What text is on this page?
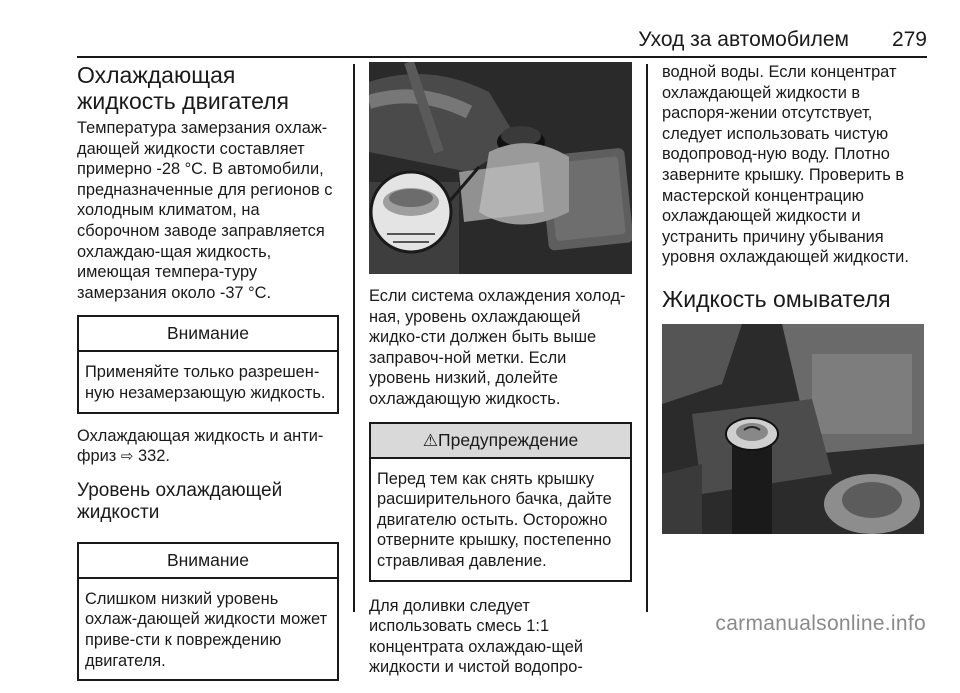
Уход за автомобилем 279
Охлаждающая жидкость двигателя

Температура замерзания охлаж-дающей жидкости составляет примерно -28 °C. В автомобили, предназначенные для регионов с холодным климатом, на сборочном заводе заправляется охлаждаю-щая жидкость, имеющая темпера-туру замерзания около -37 °C.

Внимание
Применяйте только разрешен-ную незамерзающую жидкость.

Охлаждающая жидкость и анти-фриз ⇨ 332.

Уровень охлаждающей жидкости
Внимание
Слишком низкий уровень охлаж-дающей жидкости может приве-сти к повреждению двигателя.

Если система охлаждения холод-ная, уровень охлаждающей жидко-сти должен быть выше заправоч-ной метки. Если уровень низкий, долейте охлаждающую жидкость.

⚠Предупреждение
Перед тем как снять крышку расширительного бачка, дайте двигателю остыть. Осторожно отверните крышку, постепенно стравливая давление.

Для доливки следует использовать смесь 1:1 концентрата охлаждаю-щей жидкости и чистой водопро-

водной воды. Если концентрат охлаждающей жидкости в распоря-жении отсутствует, следует использовать чистую водопровод-ную воду. Плотно заверните крышку. Проверить в мастерской концентрацию охлаждающей жидкости и устранить причину убывания уровня охлаждающей жидкости.

Жидкость омывателя
carmanualsonline.info
